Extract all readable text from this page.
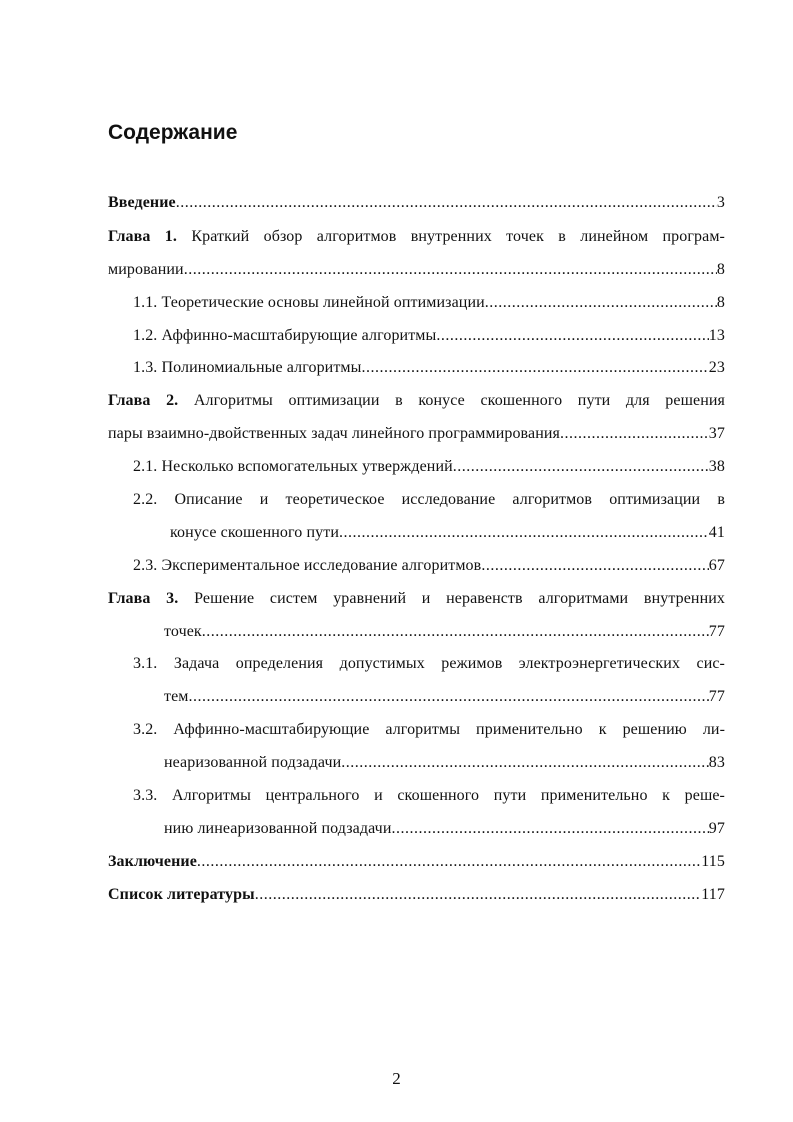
Содержание
Введение .....	3
Глава 1. Краткий обзор алгоритмов внутренних точек в линейном програм-
мировании .....	8
1.1. Теоретические основы линейной оптимизации .....	8
1.2. Аффинно-масштабирующие алгоритмы .....	13
1.3. Полиномиальные алгоритмы .....	23
Глава 2. Алгоритмы оптимизации в конусе скошенного пути для решения
пары взаимно-двойственных задач линейного программирования .....	37
2.1. Несколько вспомогательных утверждений .....	38
2.2. Описание и теоретическое исследование алгоритмов оптимизации в
конусе скошенного пути .....	41
2.3. Экспериментальное исследование алгоритмов .....	67
Глава 3. Решение систем уравнений и неравенств алгоритмами внутренних
точек .....	77
3.1. Задача определения допустимых режимов электроэнергетических сис-
тем .....	77
3.2. Аффинно-масштабирующие алгоритмы применительно к решению ли-
неаризованной подзадачи .....	83
3.3. Алгоритмы центрального и скошенного пути применительно к реше-
нию линеаризованной подзадачи .....	97
Заключение .....	115
Список литературы .....	117
2
